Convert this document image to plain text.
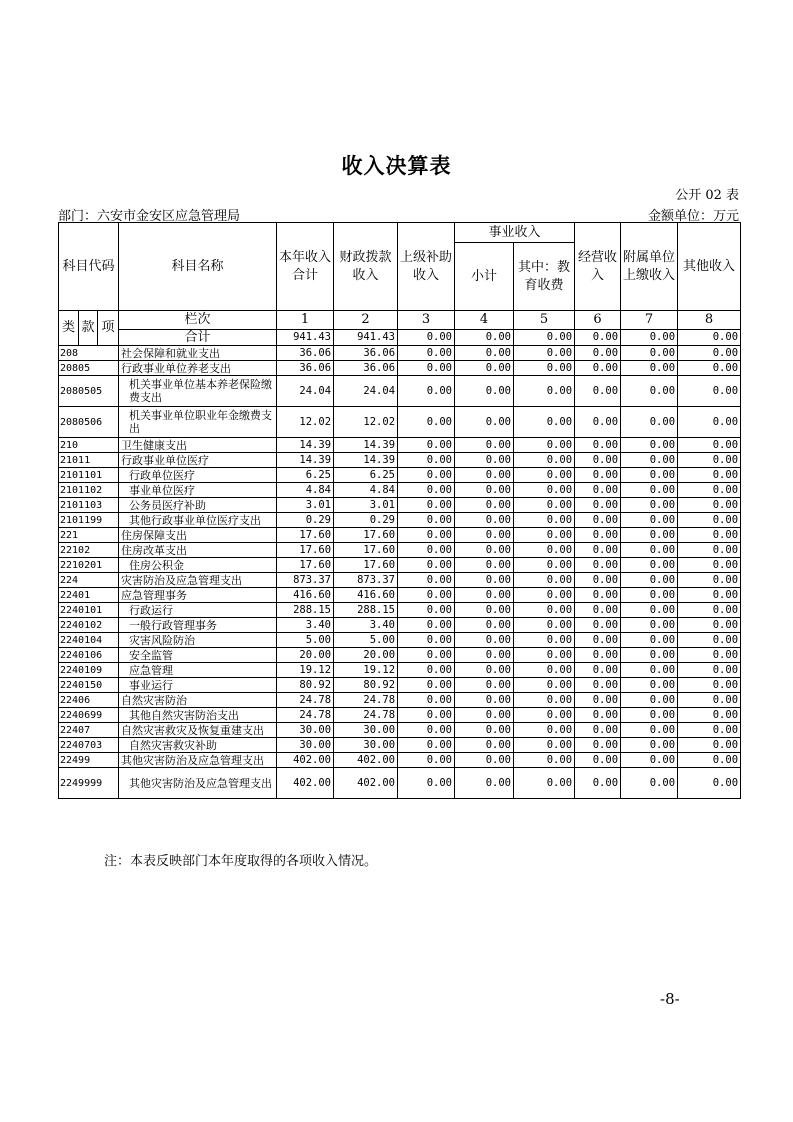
收入决算表
公开 02 表
部门：六安市金安区应急管理局	金额单位：万元
科目代码			科目名称	本年收入合计	财政拨款收入	上级补助收入	事业收入		经营收入	附属单位上缴收入	其他收入
							小计	其中：教育收费			
类	款	项	栏次	1	2	3	4	5	6	7	8
			合计	941.43	941.43	0.00	0.00	0.00	0.00	0.00	0.00
208			社会保障和就业支出	36.06	36.06	0.00	0.00	0.00	0.00	0.00	0.00
20805			行政事业单位养老支出	36.06	36.06	0.00	0.00	0.00	0.00	0.00	0.00
2080505			机关事业单位基本养老保险缴费支出	24.04	24.04	0.00	0.00	0.00	0.00	0.00	0.00
2080506			机关事业单位职业年金缴费支出	12.02	12.02	0.00	0.00	0.00	0.00	0.00	0.00
210			卫生健康支出	14.39	14.39	0.00	0.00	0.00	0.00	0.00	0.00
21011			行政事业单位医疗	14.39	14.39	0.00	0.00	0.00	0.00	0.00	0.00
2101101			行政单位医疗	6.25	6.25	0.00	0.00	0.00	0.00	0.00	0.00
2101102			事业单位医疗	4.84	4.84	0.00	0.00	0.00	0.00	0.00	0.00
2101103			公务员医疗补助	3.01	3.01	0.00	0.00	0.00	0.00	0.00	0.00
2101199			其他行政事业单位医疗支出	0.29	0.29	0.00	0.00	0.00	0.00	0.00	0.00
221			住房保障支出	17.60	17.60	0.00	0.00	0.00	0.00	0.00	0.00
22102			住房改革支出	17.60	17.60	0.00	0.00	0.00	0.00	0.00	0.00
2210201			住房公积金	17.60	17.60	0.00	0.00	0.00	0.00	0.00	0.00
224			灾害防治及应急管理支出	873.37	873.37	0.00	0.00	0.00	0.00	0.00	0.00
22401			应急管理事务	416.60	416.60	0.00	0.00	0.00	0.00	0.00	0.00
2240101			行政运行	288.15	288.15	0.00	0.00	0.00	0.00	0.00	0.00
2240102			一般行政管理事务	3.40	3.40	0.00	0.00	0.00	0.00	0.00	0.00
2240104			灾害风险防治	5.00	5.00	0.00	0.00	0.00	0.00	0.00	0.00
2240106			安全监管	20.00	20.00	0.00	0.00	0.00	0.00	0.00	0.00
2240109			应急管理	19.12	19.12	0.00	0.00	0.00	0.00	0.00	0.00
2240150			事业运行	80.92	80.92	0.00	0.00	0.00	0.00	0.00	0.00
22406			自然灾害防治	24.78	24.78	0.00	0.00	0.00	0.00	0.00	0.00
2240699			其他自然灾害防治支出	24.78	24.78	0.00	0.00	0.00	0.00	0.00	0.00
22407			自然灾害救灾及恢复重建支出	30.00	30.00	0.00	0.00	0.00	0.00	0.00	0.00
2240703			自然灾害救灾补助	30.00	30.00	0.00	0.00	0.00	0.00	0.00	0.00
22499			其他灾害防治及应急管理支出	402.00	402.00	0.00	0.00	0.00	0.00	0.00	0.00
2249999			其他灾害防治及应急管理支出	402.00	402.00	0.00	0.00	0.00	0.00	0.00	0.00
注：本表反映部门本年度取得的各项收入情况。
-8-
